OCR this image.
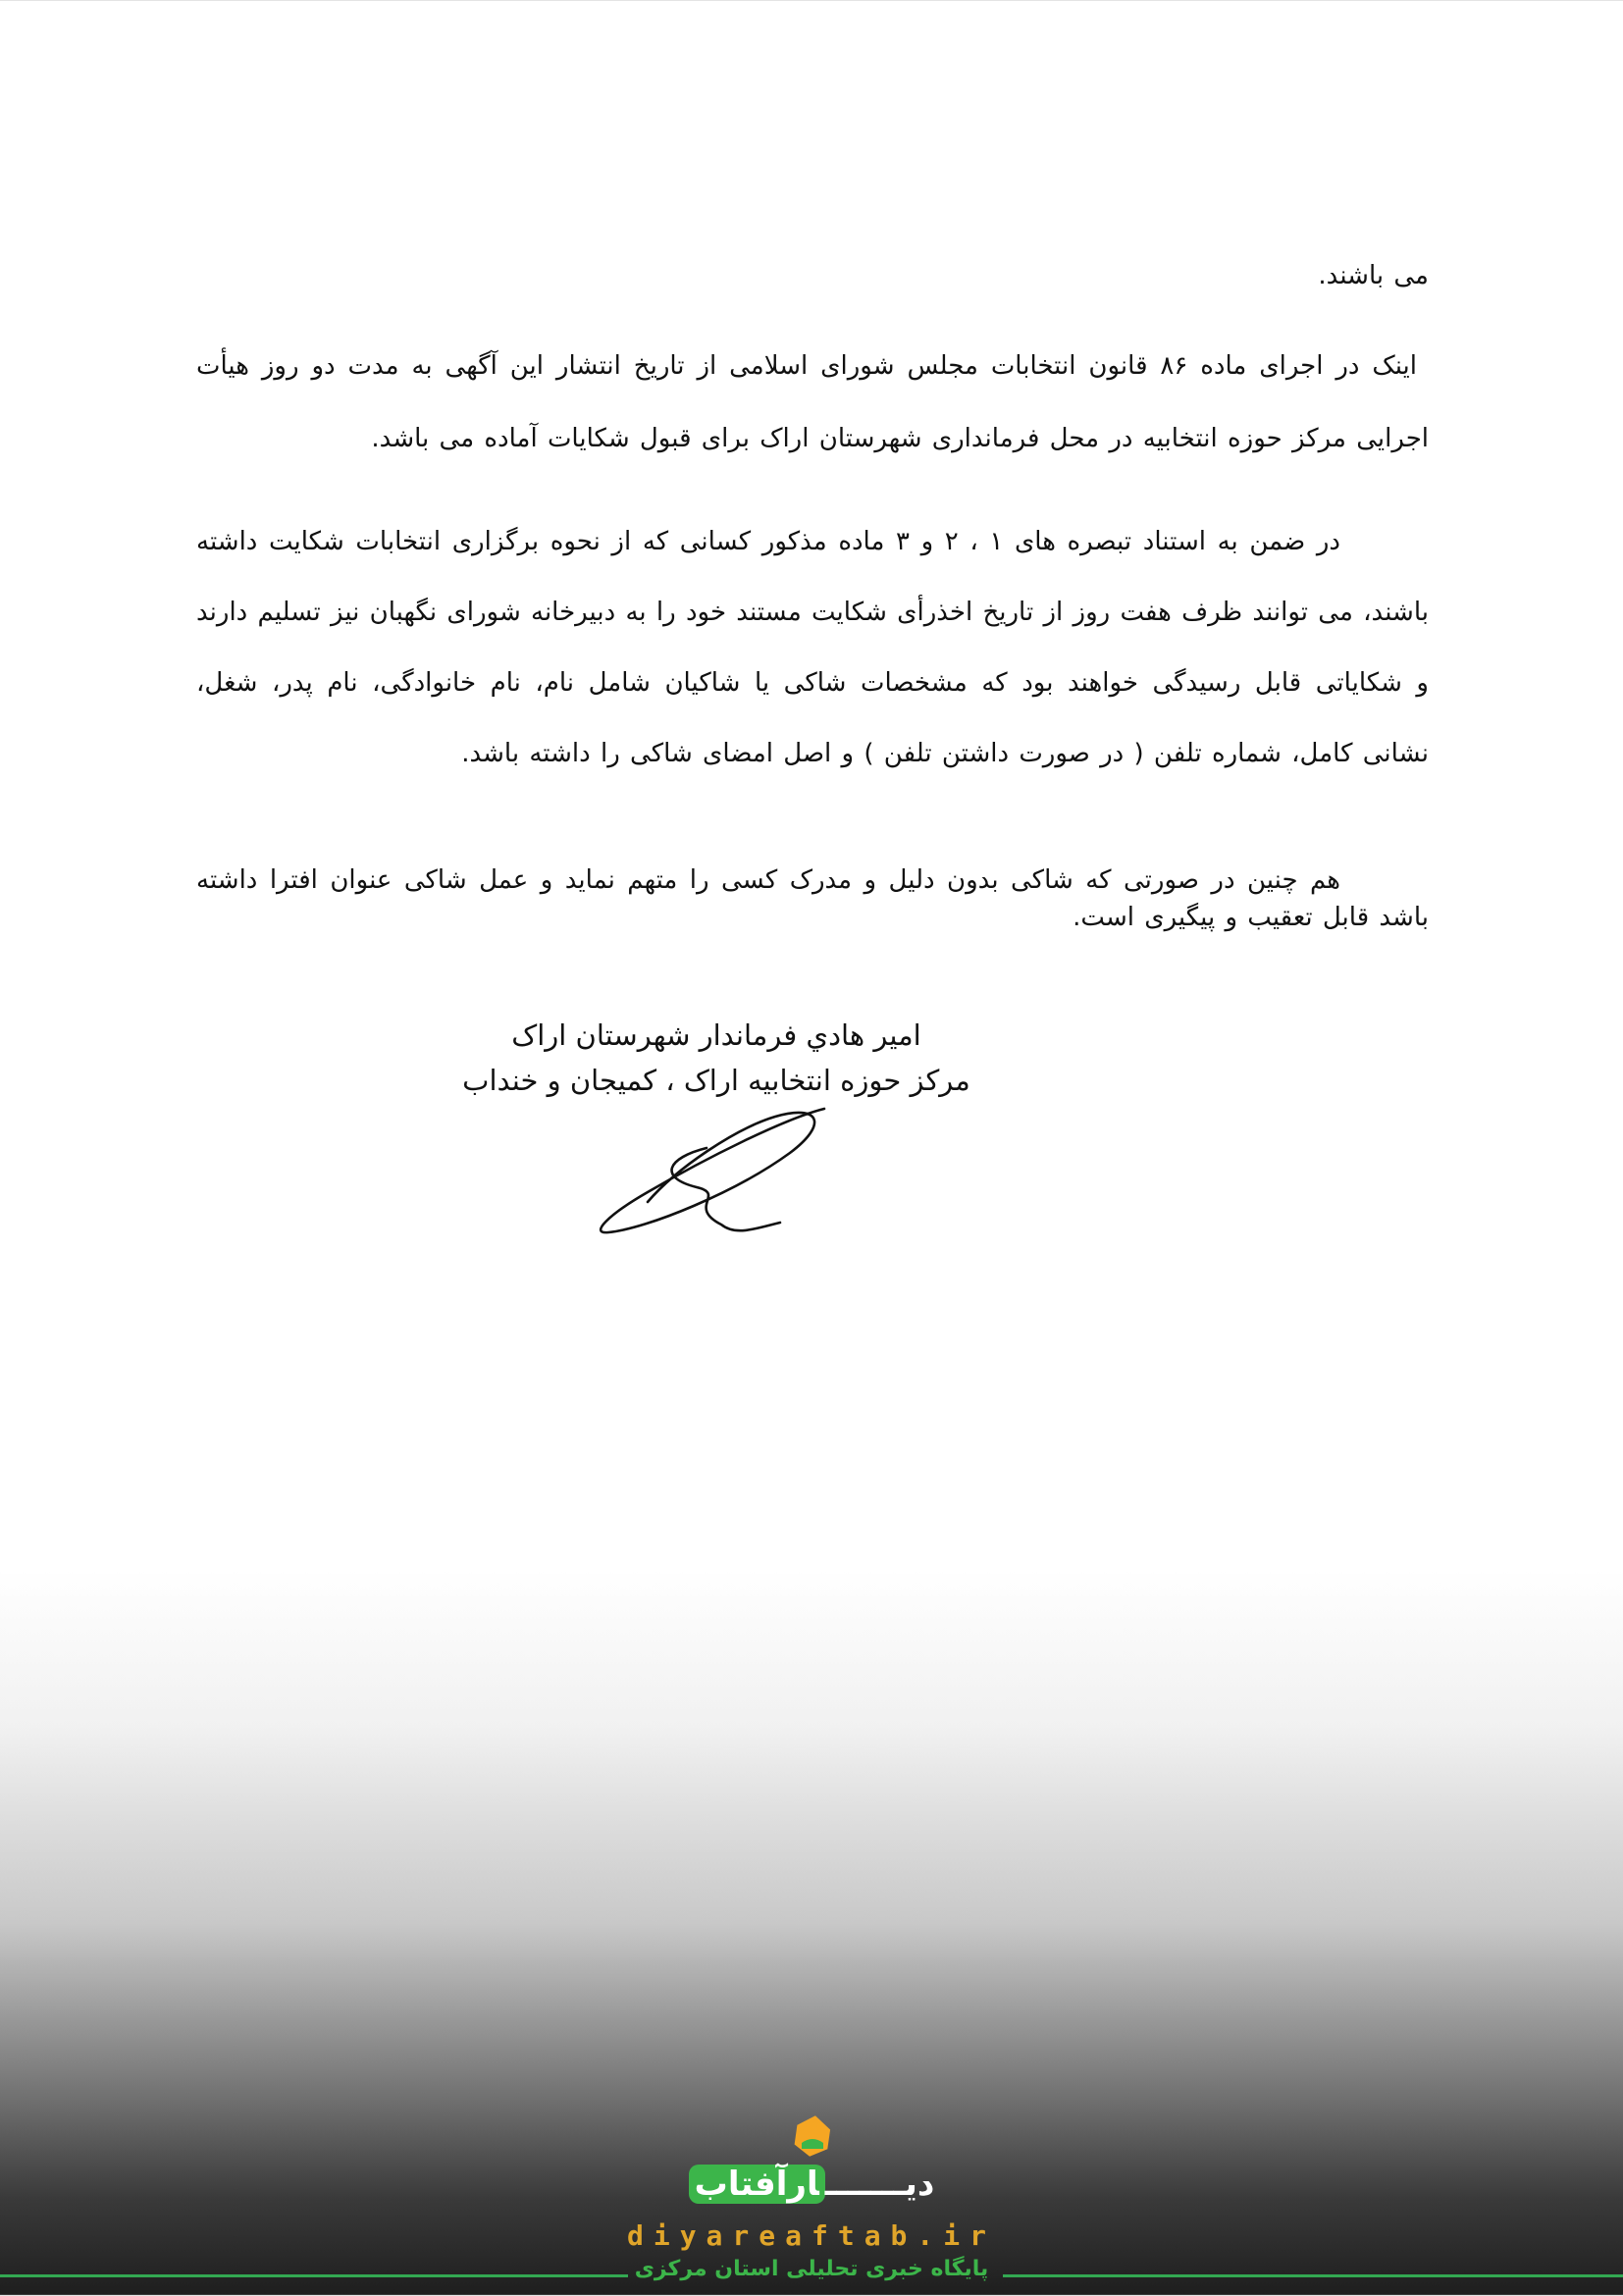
می باشند.

اینک در اجرای ماده ۸۶ قانون انتخابات مجلس شورای اسلامی از تاریخ انتشار این آگهی به مدت دو روز هیأت اجرایی مرکز حوزه انتخابیه در محل فرمانداری شهرستان اراک برای قبول شکایات آماده می باشد.

در ضمن به استناد تبصره های ۱ ، ۲ و ۳ ماده مذکور کسانی که از نحوه برگزاری انتخابات شکایت داشته باشند، می توانند ظرف هفت روز از تاریخ اخذرأی شکایت مستند خود را به دبیرخانه شورای نگهبان نیز تسلیم دارند و شکایاتی قابل رسیدگی خواهند بود که مشخصات شاکی یا شاکیان شامل نام، نام خانوادگی، نام پدر، شغل، نشانی کامل، شماره تلفن ( در صورت داشتن تلفن ) و اصل امضای شاکی را داشته باشد.

هم چنین در صورتی که شاکی بدون دلیل و مدرک کسی را متهم نماید و عمل شاکی عنوان افترا داشته باشد قابل تعقیب و پیگیری است.

امیر هادي فرماندار شهرستان اراک
مرکز حوزه انتخابیه اراک ، کمیجان و خنداب
دیـــــــارآفتاب
diyareaftab.ir
پایگاه خبری تحلیلی استان مرکزی
